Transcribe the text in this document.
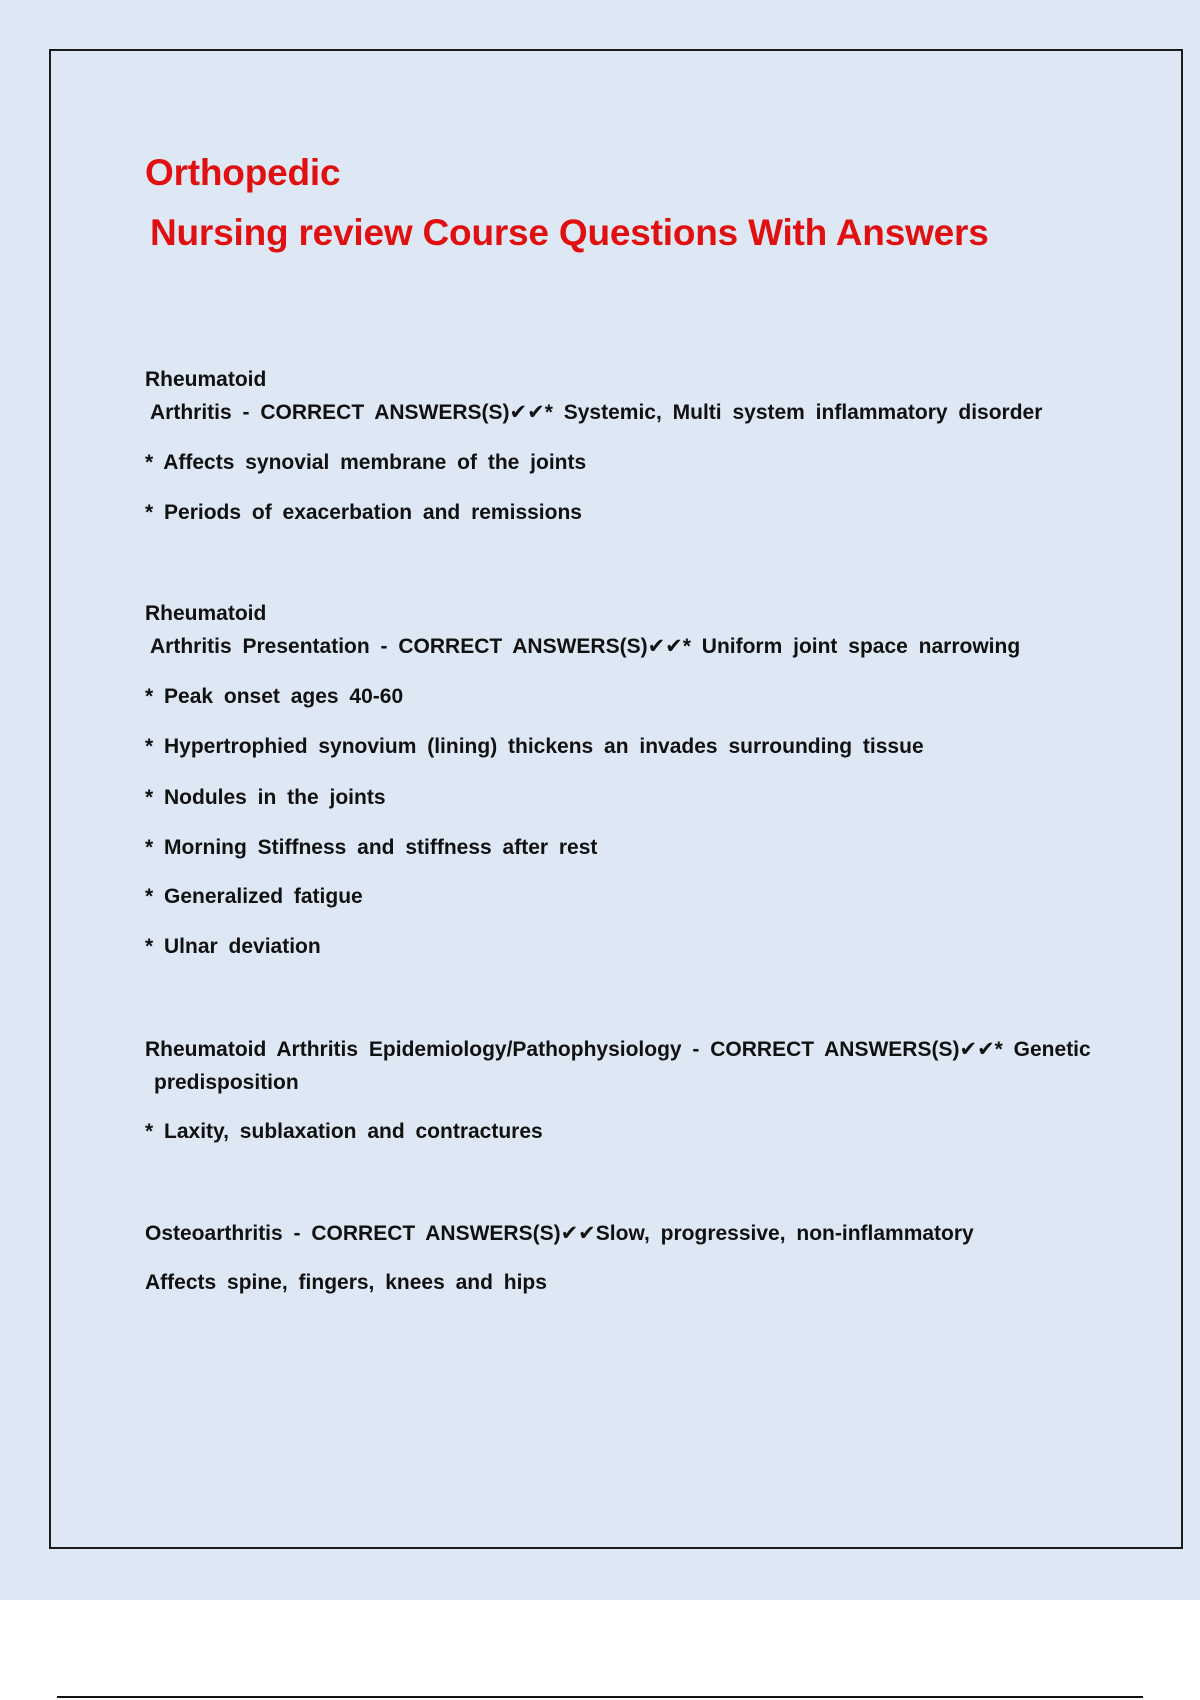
Orthopedic
Nursing review Course Questions With Answers
Rheumatoid
Arthritis - CORRECT ANSWERS(S)✔✔* Systemic, Multi system inflammatory disorder
* Affects synovial membrane of the joints
* Periods of exacerbation and remissions
Rheumatoid
Arthritis Presentation - CORRECT ANSWERS(S)✔✔* Uniform joint space narrowing
* Peak onset ages 40-60
* Hypertrophied synovium (lining) thickens an invades surrounding tissue
* Nodules in the joints
* Morning Stiffness and stiffness after rest
* Generalized fatigue
* Ulnar deviation
Rheumatoid Arthritis Epidemiology/Pathophysiology - CORRECT ANSWERS(S)✔✔* Genetic
predisposition
* Laxity, sublaxation and contractures
Osteoarthritis - CORRECT ANSWERS(S)✔✔Slow, progressive, non-inflammatory
Affects spine, fingers, knees and hips
